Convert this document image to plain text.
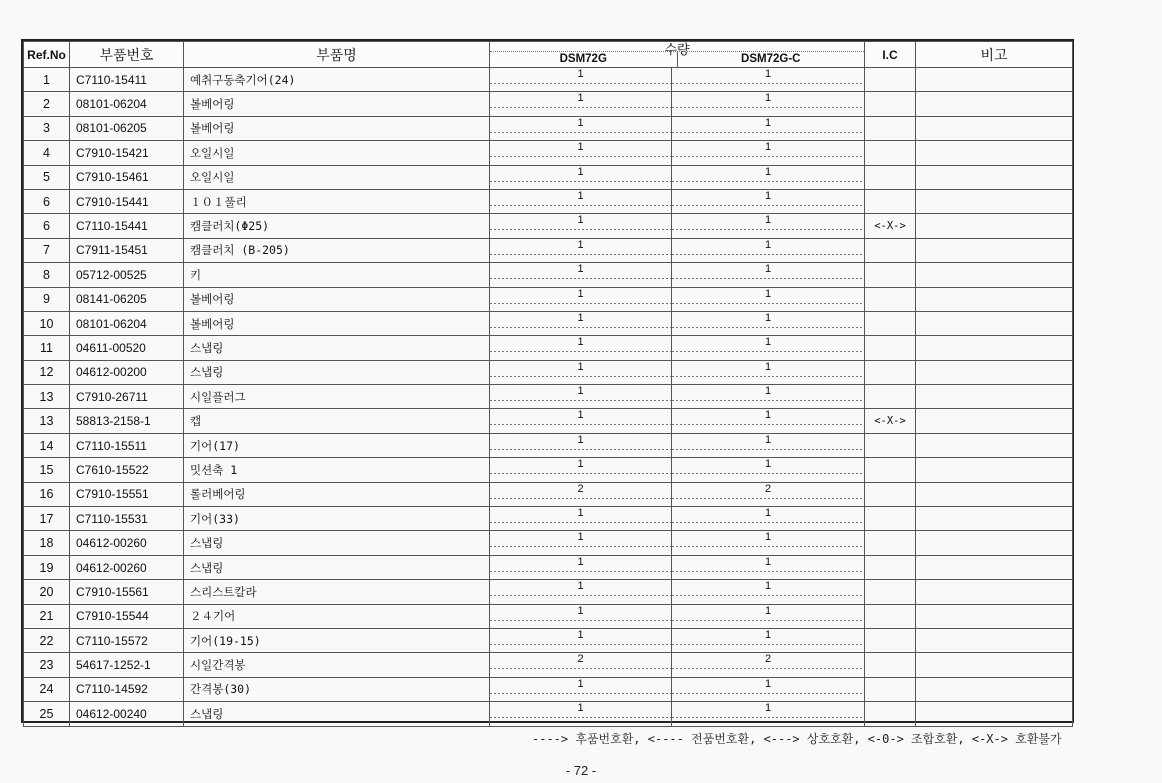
Ref.No	부품번호	부품명	수량
DSM72G DSM72G-C		I.C	비고
1	C7110-15411	예취구동축기어(24)	1	1		
2	08101-06204	볼베어링	1	1		
3	08101-06205	볼베어링	1	1		
4	C7910-15421	오일시일	1	1		
5	C7910-15461	오일시일	1	1		
6	C7910-15441	１０１풀리	1	1		
6	C7110-15441	캠클러치(Φ25)	1	1	<-X->	
7	C7911-15451	캠클러치 (B-205)	1	1		
8	05712-00525	키	1	1		
9	08141-06205	볼베어링	1	1		
10	08101-06204	볼베어링	1	1		
11	04611-00520	스냅링	1	1		
12	04612-00200	스냅링	1	1		
13	C7910-26711	시일플러그	1	1		
13	58813-2158-1	캡	1	1	<-X->	
14	C7110-15511	기어(17)	1	1		
15	C7610-15522	밋션축 1	1	1		
16	C7910-15551	롤러베어링	2	2		
17	C7110-15531	기어(33)	1	1		
18	04612-00260	스냅링	1	1		
19	04612-00260	스냅링	1	1		
20	C7910-15561	스리스트칼라	1	1		
21	C7910-15544	２４기어	1	1		
22	C7110-15572	기어(19-15)	1	1		
23	54617-1252-1	시일간격봉	2	2		
24	C7110-14592	간격봉(30)	1	1		
25	04612-00240	스냅링	1	1		
----> 후품번호환, <---- 전품번호환, <---> 상호호환, <-0-> 조합호환, <-X-> 호환불가
- 72 -
